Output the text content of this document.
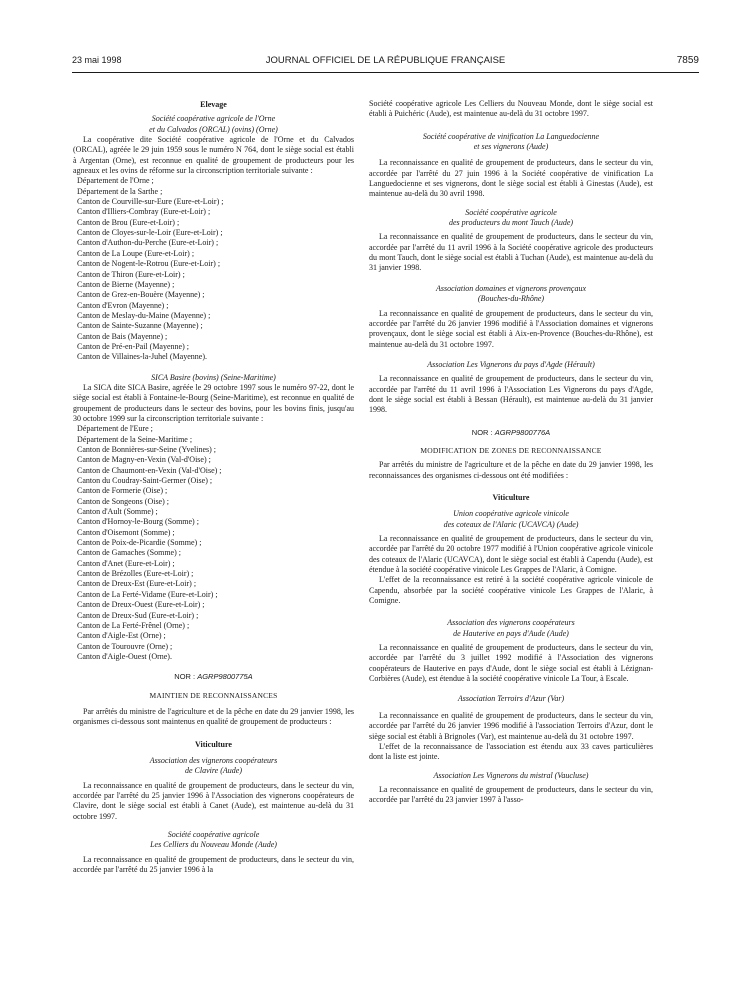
23 mai 1998	JOURNAL OFFICIEL DE LA RÉPUBLIQUE FRANÇAISE	7859

Elevage

Société coopérative agricole de l'Orne

et du Calvados (ORCAL) (ovins) (Orne)

La coopérative dite Société coopérative agricole de l'Orne et du Calvados (ORCAL), agréée le 29 juin 1959 sous le numéro N 764, dont le siège social est établi à Argentan (Orne), est reconnue en qualité de groupement de producteurs pour les agneaux et les ovins de réforme sur la circonscription territoriale suivante :

Département de l'Orne ;
Département de la Sarthe ;
Canton de Courville-sur-Eure (Eure-et-Loir) ;
Canton d'Illiers-Combray (Eure-et-Loir) ;
Canton de Brou (Eure-et-Loir) ;
Canton de Cloyes-sur-le-Loir (Eure-et-Loir) ;
Canton d'Authon-du-Perche (Eure-et-Loir) ;
Canton de La Loupe (Eure-et-Loir) ;
Canton de Nogent-le-Rotrou (Eure-et-Loir) ;
Canton de Thiron (Eure-et-Loir) ;
Canton de Bierne (Mayenne) ;
Canton de Grez-en-Bouère (Mayenne) ;
Canton d'Evron (Mayenne) ;
Canton de Meslay-du-Maine (Mayenne) ;
Canton de Sainte-Suzanne (Mayenne) ;
Canton de Bais (Mayenne) ;
Canton de Pré-en-Pail (Mayenne) ;
Canton de Villaines-la-Juhel (Mayenne).

SICA Basire (bovins) (Seine-Maritime)

La SICA dite SICA Basire, agréée le 29 octobre 1997 sous le numéro 97-22, dont le siège social est établi à Fontaine-le-Bourg (Seine-Maritime), est reconnue en qualité de groupement de producteurs dans le secteur des bovins, pour les bovins finis, jusqu'au 30 octobre 1999 sur la circonscription territoriale suivante :

Département de l'Eure ;
Département de la Seine-Maritime ;
Canton de Bonnières-sur-Seine (Yvelines) ;
Canton de Magny-en-Vexin (Val-d'Oise) ;
Canton de Chaumont-en-Vexin (Val-d'Oise) ;
Canton du Coudray-Saint-Germer (Oise) ;
Canton de Formerie (Oise) ;
Canton de Songeons (Oise) ;
Canton d'Ault (Somme) ;
Canton d'Hornoy-le-Bourg (Somme) ;
Canton d'Oisemont (Somme) ;
Canton de Poix-de-Picardie (Somme) ;
Canton de Gamaches (Somme) ;
Canton d'Anet (Eure-et-Loir) ;
Canton de Brézolles (Eure-et-Loir) ;
Canton de Dreux-Est (Eure-et-Loir) ;
Canton de La Ferté-Vidame (Eure-et-Loir) ;
Canton de Dreux-Ouest (Eure-et-Loir) ;
Canton de Dreux-Sud (Eure-et-Loir) ;
Canton de La Ferté-Frênel (Orne) ;
Canton d'Aigle-Est (Orne) ;
Canton de Tourouvre (Orne) ;
Canton d'Aigle-Ouest (Orne).

NOR : AGRP9800775A

MAINTIEN DE RECONNAISSANCES

Par arrêtés du ministre de l'agriculture et de la pêche en date du 29 janvier 1998, les organismes ci-dessous sont maintenus en qualité de groupement de producteurs :

Viticulture

Association des vignerons coopérateurs

de Clavire (Aude)

La reconnaissance en qualité de groupement de producteurs, dans le secteur du vin, accordée par l'arrêté du 25 janvier 1996 à l'Association des vignerons coopérateurs de Clavire, dont le siège social est établi à Canet (Aude), est maintenue au-delà du 31 octobre 1997.

Société coopérative agricole

Les Celliers du Nouveau Monde (Aude)

La reconnaissance en qualité de groupement de producteurs, dans le secteur du vin, accordée par l'arrêté du 25 janvier 1996 à la

Société coopérative agricole Les Celliers du Nouveau Monde, dont le siège social est établi à Puichéric (Aude), est maintenue au-delà du 31 octobre 1997.

Société coopérative de vinification La Languedocienne

et ses vignerons (Aude)

La reconnaissance en qualité de groupement de producteurs, dans le secteur du vin, accordée par l'arrêté du 27 juin 1996 à la Société coopérative de vinification La Languedocienne et ses vignerons, dont le siège social est établi à Ginestas (Aude), est maintenue au-delà du 30 avril 1998.

Société coopérative agricole

des producteurs du mont Tauch (Aude)

La reconnaissance en qualité de groupement de producteurs, dans le secteur du vin, accordée par l'arrêté du 11 avril 1996 à la Société coopérative agricole des producteurs du mont Tauch, dont le siège social est établi à Tuchan (Aude), est maintenue au-delà du 31 janvier 1998.

Association domaines et vignerons provençaux

(Bouches-du-Rhône)

La reconnaissance en qualité de groupement de producteurs, dans le secteur du vin, accordée par l'arrêté du 26 janvier 1996 modifié à l'Association domaines et vignerons provençaux, dont le siège social est établi à Aix-en-Provence (Bouches-du-Rhône), est maintenue au-delà du 31 octobre 1997.

Association Les Vignerons du pays d'Agde (Hérault)

La reconnaissance en qualité de groupement de producteurs, dans le secteur du vin, accordée par l'arrêté du 11 avril 1996 à l'Association Les Vignerons du pays d'Agde, dont le siège social est établi à Bessan (Hérault), est maintenue au-delà du 31 janvier 1998.

NOR : AGRP9800776A

MODIFICATION DE ZONES DE RECONNAISSANCE

Par arrêtés du ministre de l'agriculture et de la pêche en date du 29 janvier 1998, les reconnaissances des organismes ci-dessous ont été modifiées :

Viticulture

Union coopérative agricole vinicole

des coteaux de l'Alaric (UCAVCA) (Aude)

La reconnaissance en qualité de groupement de producteurs, dans le secteur du vin, accordée par l'arrêté du 20 octobre 1977 modifié à l'Union coopérative agricole vinicole des coteaux de l'Alaric (UCAVCA), dont le siège social est établi à Capendu (Aude), est étendue à la société coopérative vinicole Les Grappes de l'Alaric, à Comigne.

L'effet de la reconnaissance est retiré à la société coopérative agricole vinicole de Capendu, absorbée par la société coopérative vinicole Les Grappes de l'Alaric, à Comigne.

Association des vignerons coopérateurs

de Hauterive en pays d'Aude (Aude)

La reconnaissance en qualité de groupement de producteurs, dans le secteur du vin, accordée par l'arrêté du 3 juillet 1992 modifié à l'Association des vignerons coopérateurs de Hauterive en pays d'Aude, dont le siège social est établi à Lézignan-Corbières (Aude), est étendue à la société coopérative vinicole La Tour, à Escale.

Association Terroirs d'Azur (Var)

La reconnaissance en qualité de groupement de producteurs, dans le secteur du vin, accordée par l'arrêté du 26 janvier 1996 modifié à l'association Terroirs d'Azur, dont le siège social est établi à Brignoles (Var), est maintenue au-delà du 31 octobre 1997.

L'effet de la reconnaissance de l'association est étendu aux 33 caves particulières dont la liste est jointe.

Association Les Vignerons du mistral (Vaucluse)

La reconnaissance en qualité de groupement de producteurs, dans le secteur du vin, accordée par l'arrêté du 23 janvier 1997 à l'asso-
